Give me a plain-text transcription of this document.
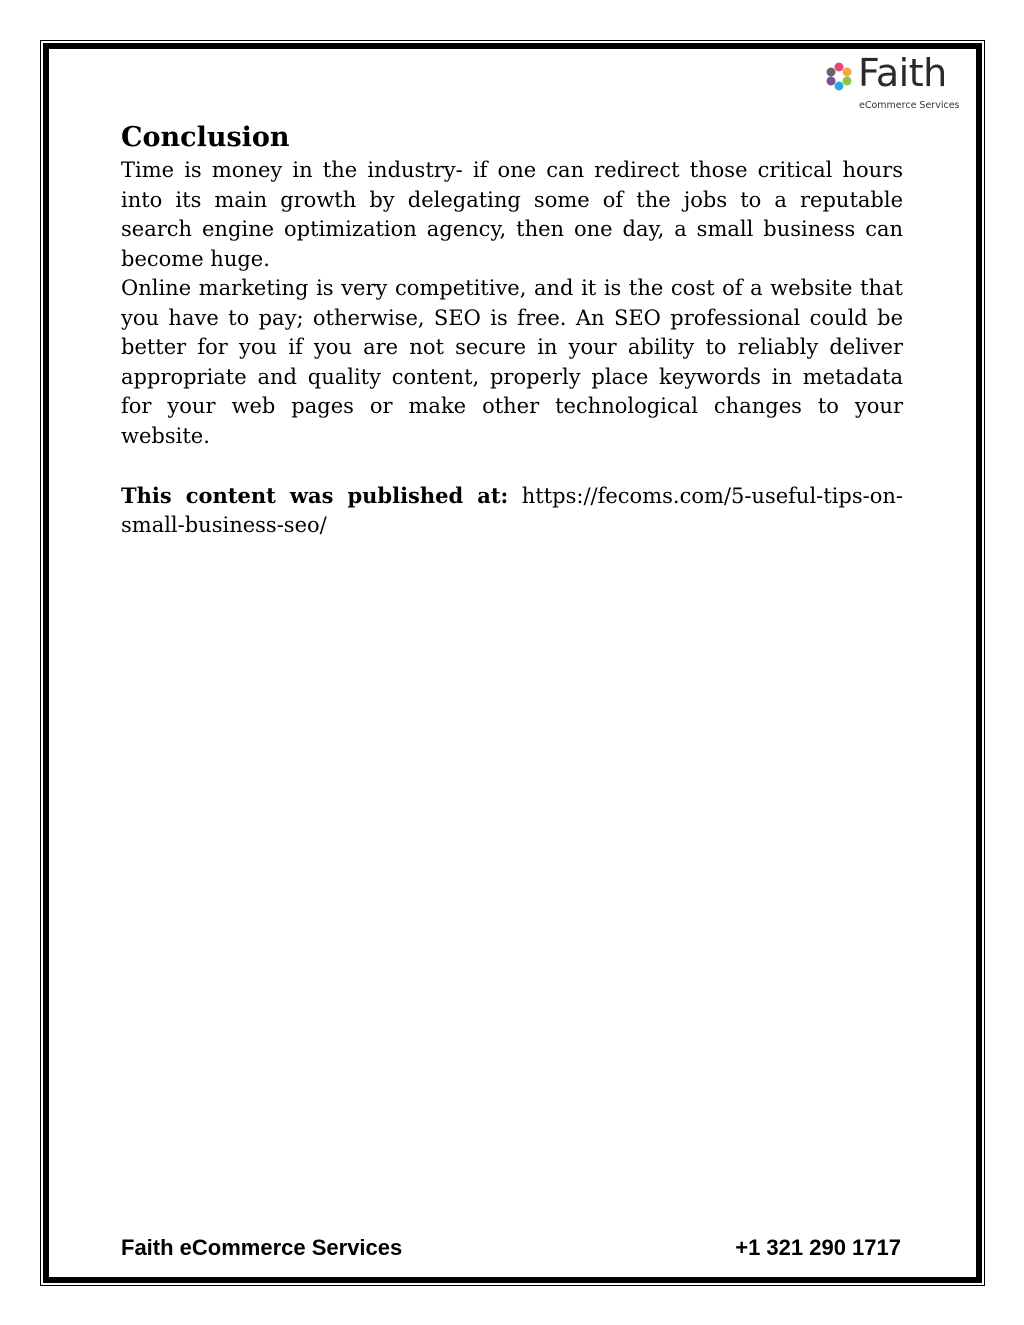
Faith
eCommerce Services
Conclusion

Time is money in the industry- if one can redirect those critical hours into its main growth by delegating some of the jobs to a reputable search engine optimization agency, then one day, a small business can become huge.

Online marketing is very competitive, and it is the cost of a website that you have to pay; otherwise, SEO is free. An SEO professional could be better for you if you are not secure in your ability to reliably deliver appropriate and quality content, properly place keywords in metadata for your web pages or make other technological changes to your website.

This content was published at: https://fecoms.com/5-useful-tips-on-small-business-seo/

Faith eCommerce Services	+1 321 290 1717
